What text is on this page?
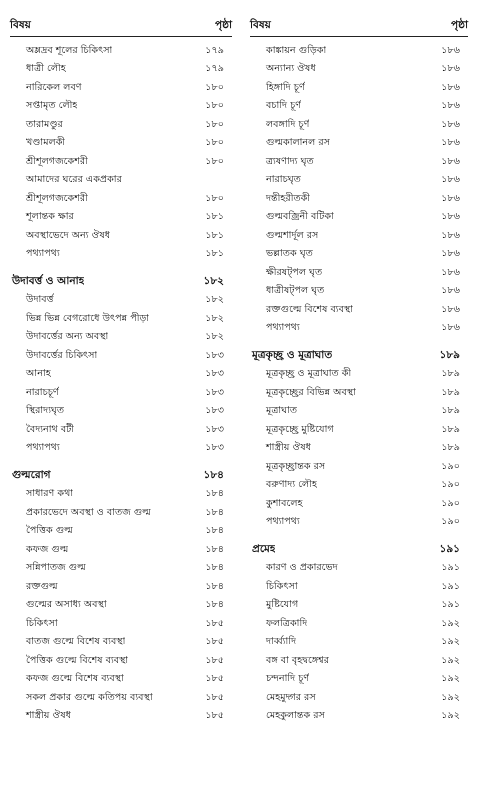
বিষয়	পৃষ্ঠা
অম্লদ্রব শূলের চিকিৎসা	১৭৯
ধাত্রী লৌহ	১৭৯
নারিকেল লবণ	১৮০
সপ্তামৃত লৌহ	১৮০
তারামণ্ডুর	১৮০
খণ্ডামলকী	১৮০
শ্রীশূলগজকেশরী	১৮০
আমাদের ঘরের একপ্রকার
শ্রীশূলগজকেশরী	১৮০
শূলান্তক ক্ষার	১৮১
অবস্থাভেদে অন্য ঔষধ	১৮১
পথ্যাপথ্য	১৮১
উদাবর্ত্ত ও আনাহ	১৮২
উদাবর্ত্ত	১৮২
ভিন্ন ভিন্ন বেগরোধে উৎপন্ন পীড়া	১৮২
উদাবর্ত্তের অন্য অবস্থা	১৮২
উদাবর্ত্তের চিকিৎসা	১৮৩
আনাহ	১৮৩
নারাচচূর্ণ	১৮৩
স্থিরাদ্যঘৃত	১৮৩
বৈদ্যনাথ বটী	১৮৩
পথ্যাপথ্য	১৮৩
গুল্মরোগ	১৮৪
সাধারণ কথা	১৮৪
প্রকারভেদে অবস্থা ও বাতজ গুল্ম	১৮৪
পৈত্তিক গুল্ম	১৮৪
কফজ গুল্ম	১৮৪
সন্নিপাতজ গুল্ম	১৮৪
রক্তগুল্ম	১৮৪
গুল্মের অসাধ্য অবস্থা	১৮৪
চিকিৎসা	১৮৫
বাতজ গুল্মে বিশেষ ব্যবস্থা	১৮৫
পৈত্তিক গুল্মে বিশেষ ব্যবস্থা	১৮৫
কফজ গুল্মে বিশেষ ব্যবস্থা	১৮৫
সকল প্রকার গুল্মে কতিপয় ব্যবস্থা	১৮৫
শাস্ত্রীয় ঔষধ	১৮৫
বিষয়	পৃষ্ঠা
কাঙ্কায়ন গুড়িকা	১৮৬
অন্যান্য ঔষধ	১৮৬
হিঙ্গাদি চূর্ণ	১৮৬
বচাদি চূর্ণ	১৮৬
লবঙ্গাদি চূর্ণ	১৮৬
গুল্মকালানল রস	১৮৬
ত্র্যষণাদ্য ঘৃত	১৮৬
নারাচঘৃত	১৮৬
দন্তীহরীতকী	১৮৬
গুল্মবজ্রিনী বটিকা	১৮৬
গুল্মশার্দূল রস	১৮৬
ভল্লাতক ঘৃত	১৮৬
ক্ষীরষট্পল ঘৃত	১৮৬
ধাত্রীষট্পল ঘৃত	১৮৬
রক্তগুল্মে বিশেষ ব্যবস্থা	১৮৬
পথ্যাপথ্য	১৮৬
মূত্রকৃচ্ছ্র ও মূত্রাঘাত	১৮৯
মূত্রকৃচ্ছ্র ও মূত্রাঘাত কী	১৮৯
মূত্রকৃচ্ছ্রের বিভিন্ন অবস্থা	১৮৯
মূত্রাঘাত	১৮৯
মূত্রকৃচ্ছ্রে মুষ্টিযোগ	১৮৯
শাস্ত্রীয় ঔষধ	১৮৯
মূত্রকৃচ্ছ্রান্তক রস	১৯০
বরুণাদ্য লৌহ	১৯০
কুশাবলেহ	১৯০
পথ্যাপথ্য	১৯০
প্রমেহ	১৯১
কারণ ও প্রকারভেদ	১৯১
চিকিৎসা	১৯১
মুষ্টিযোগ	১৯১
ফলত্রিকাদি	১৯২
দার্ব্ব্যাদি	১৯২
বঙ্গ বা বৃহদ্বঙ্গেশ্বর	১৯২
চন্দনাদি চূর্ণ	১৯২
মেহমুদ্গর রস	১৯২
মেহকুলান্তক রস	১৯২
